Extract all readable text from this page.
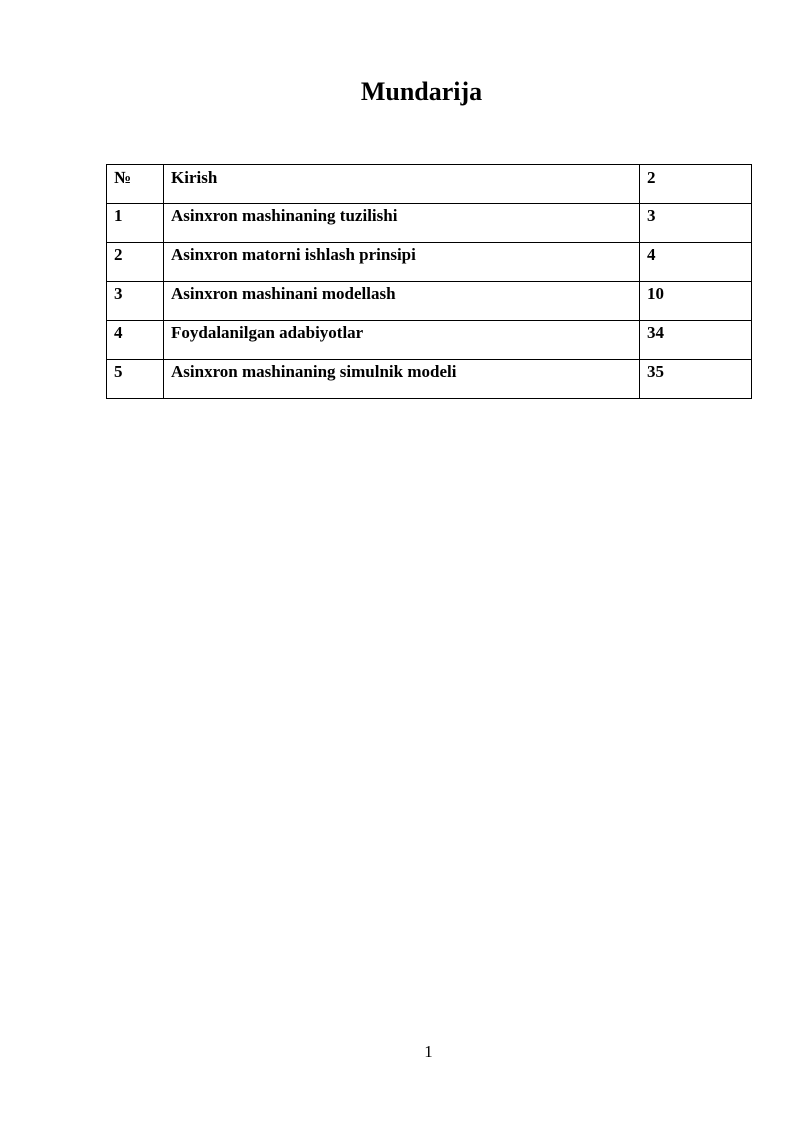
Mundarija
№	Kirish	2
1	Asinxron mashinaning tuzilishi	3
2	Asinxron matorni ishlash prinsipi	4
3	Asinxron mashinani modellash	10
4	Foydalanilgan adabiyotlar	34
5	Asinxron mashinaning simulnik modeli	35
1
